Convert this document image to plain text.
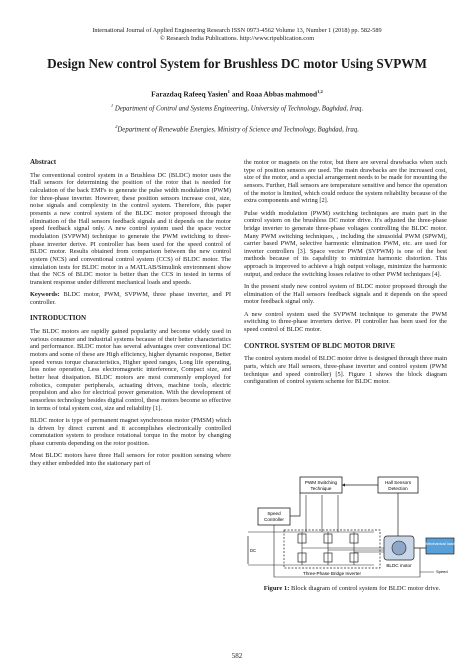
International Journal of Applied Engineering Research ISSN 0973-4562 Volume 13, Number 1 (2018) pp. 582-589
© Research India Publications. http://www.ripublication.com
Design New control System for Brushless DC motor Using SVPWM
Farazdaq Rafeeq Yasien$^1$ and Roaa Abbas mahmood$^{1,2}$
$^1$ Department of Control and Systems Engineering, University of Technology, Baghdad, Iraq.
$^2$Department of Renewable Energies, Ministry of Science and Technology, Baghdad, Iraq.
Abstract

The conventional control system in a Brushless DC (BLDC) motor uses the Hall sensors for determining the position of the rotor that is needed for calculation of the back EMFs to generate the pulse width modulation (PWM) for three-phase inverter. However, these position sensors increase cost, size, noise signals and complexity in the control system. Therefore, this paper presents a new control system of the BLDC motor proposed through the elimination of the Hall sensors feedback signals and it depends on the motor speed feedback signal only. A new control system used the space vector modulation (SVPWM) technique to generate the PWM switching to three-phase inverter derive. PI controller has been used for the speed control of BLDC motor. Results obtained from comparison between the new control system (NCS) and conventional control system (CCS) of BLDC motor. The simulation tests for BLDC motor in a MATLAB/Simulink environment show that the NCS of BLDC motor is better than the CCS in tested in terms of transient response under different mechanical loads and speeds.

Keywords: BLDC motor, PWM, SVPWM, three phase inverter, and PI controller.

INTRODUCTION

The BLDC motors are rapidly gained popularity and become widely used in various consumer and industrial systems because of their better characteristics and performance. BLDC motor has several advantages over conventional DC motors and some of these are High efficiency, higher dynamic response, Better speed versus torque characteristics, Higher speed ranges, Long life operating, less noise operation, Less electromagnetic interference, Compact size, and better heat dissipation. BLDC motors are most commonly employed for robotics, computer peripherals, actuating drives, machine tools, electric propulsion and also for electrical power generation. With the development of sensorless technology besides digital control, these motors become so effective in terms of total system cost, size and reliability [1].

BLDC motor is type of permanent magnet synchronous motor (PMSM) which is driven by direct current and it accomplishes electronically controlled commutation system to produce rotational torque in the motor by changing phase currents depending on the rotor position.

Most BLDC motors have three Hall sensors for rotor position sensing where they either embedded into the stationary part of

the motor or magnets on the rotor, but there are several drawbacks when such type of position sensors are used. The main drawbacks are the increased cost, size of the motor, and a special arrangement needs to be made for mounting the sensors. Further, Hall sensors are temperature sensitive and hence the operation of the motor is limited, which could reduce the system reliability because of the extra components and wiring [2].

Pulse width modulation (PWM) switching techniques are main part in the control system on the brushless DC motor drive. It's adjusted the three-phase bridge inverter to generate three-phase voltages controlling the BLDC motor. Many PWM switching techniques, , including the sinusoidal PWM (SPWM), carrier based PWM, selective harmonic elimination PWM, etc. are used for inverter controllers [3]. Space vector PWM (SVPWM) is one of the best methods because of its capability to minimize harmonic distortion. This approach is improved to achieve a high output voltage, minimize the harmonic output, and reduce the switching losses relative to other PWM techniques [4].

In the present study new control system of BLDC motor proposed through the elimination of the Hall sensors feedback signals and it depends on the speed motor feedback signal only.

A new control system used the SVPWM technique to generate the PWM switching to three-phase inverters derive. PI controller has been used for the speed control of BLDC motor.

CONTROL SYSTEM OF BLDC MOTOR DRIVE

The control system model of BLDC motor drive is designed through three main parts, which are Hall sensors, three-phase inverter and control system (PWM technique and speed controller) [5]. Figure 1 shows the block diagram configuration of control system scheme for BLDC motor.

PWM Switching
Technique
Hall Sensors
Detection
Speed
Controller
DC
Three-Phase Bridge Inverter
BLDC motor
Mechanical load
Speed
Figure 1: Block diagram of control system for BLDC motor drive.
582
